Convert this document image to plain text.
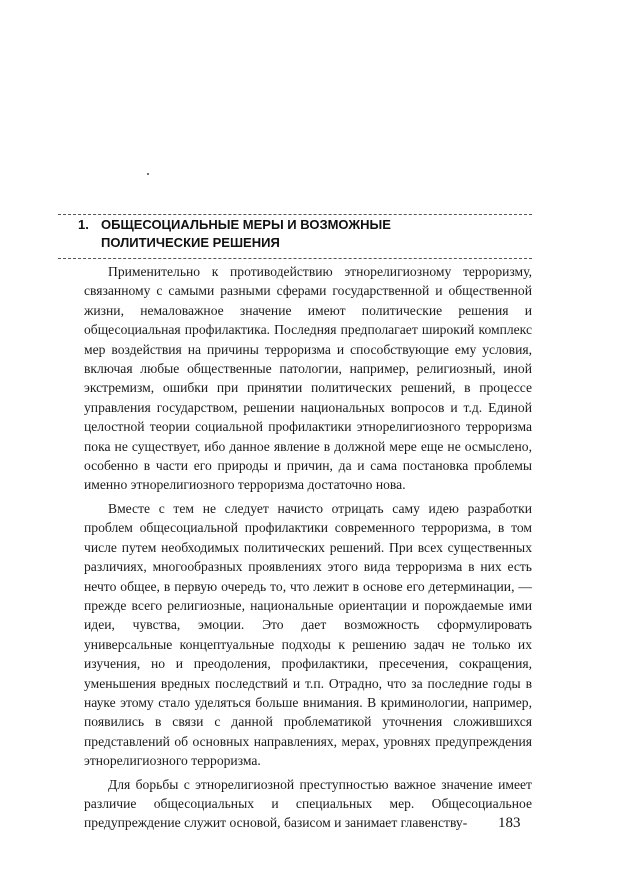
1. ОБЩЕСОЦИАЛЬНЫЕ МЕРЫ И ВОЗМОЖНЫЕ
ПОЛИТИЧЕСКИЕ РЕШЕНИЯ

Применительно к противодействию этнорелигиозному терроризму, связанному с самыми разными сферами государственной и общественной жизни, немаловажное значение имеют политические решения и общесоциальная профилактика. Последняя предполагает широкий комплекс мер воздействия на причины терроризма и способствующие ему условия, включая любые общественные патологии, например, религиозный, иной экстремизм, ошибки при принятии политических решений, в процессе управления государством, решении национальных вопросов и т.д. Единой целостной теории социальной профилактики этнорелигиозного терроризма пока не существует, ибо данное явление в должной мере еще не осмыслено, особенно в части его природы и причин, да и сама постановка проблемы именно этнорелигиозного терроризма достаточно нова.

Вместе с тем не следует начисто отрицать саму идею разработки проблем общесоциальной профилактики современного терроризма, в том числе путем необходимых политических решений. При всех существенных различиях, многообразных проявлениях этого вида терроризма в них есть нечто общее, в первую очередь то, что лежит в основе его детерминации, — прежде всего религиозные, национальные ориентации и порождаемые ими идеи, чувства, эмоции. Это дает возможность сформулировать универсальные концептуальные подходы к решению задач не только их изучения, но и преодоления, профилактики, пресечения, сокращения, уменьшения вредных последствий и т.п. Отрадно, что за последние годы в науке этому стало уделяться больше внимания. В криминологии, например, появились в связи с данной проблематикой уточнения сложившихся представлений об основных направлениях, мерах, уровнях предупреждения этнорелигиозного терроризма.

Для борьбы с этнорелигиозной преступностью важное значение имеет различие общесоциальных и специальных мер. Общесоциальное предупреждение служит основой, базисом и занимает главенству-	183
